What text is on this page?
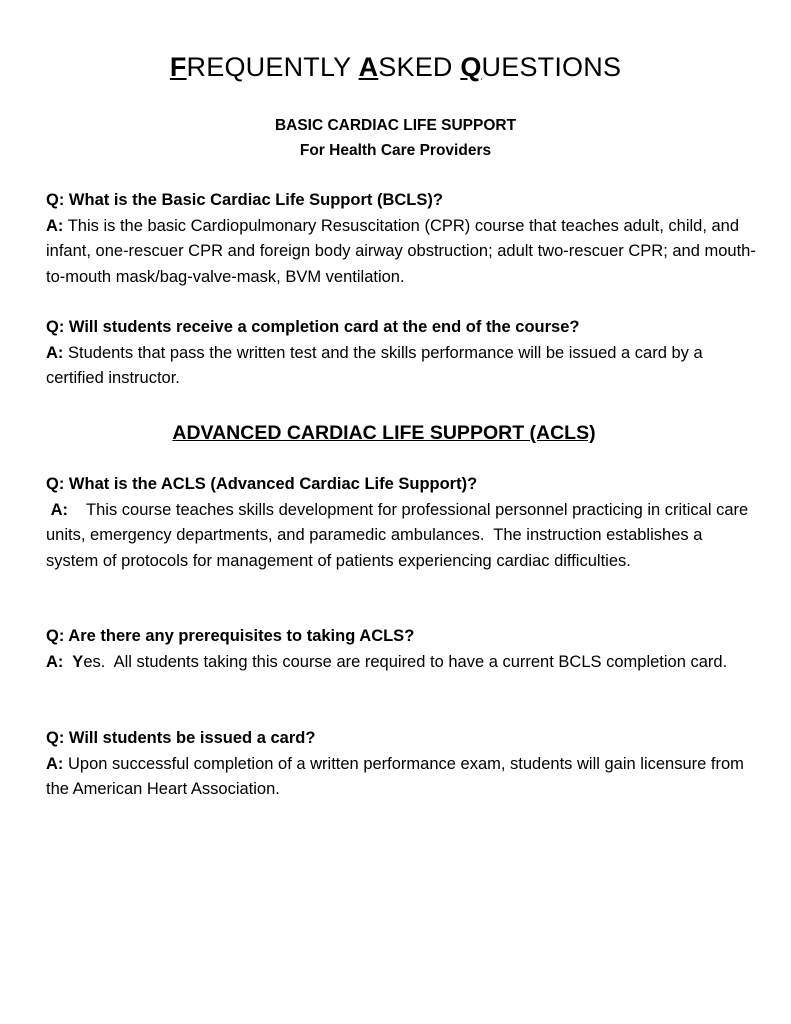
FREQUENTLY ASKED QUESTIONS
BASIC CARDIAC LIFE SUPPORT
For Health Care Providers
Q: What is the Basic Cardiac Life Support (BCLS)?
A: This is the basic Cardiopulmonary Resuscitation (CPR) course that teaches adult, child, and infant, one-rescuer CPR and foreign body airway obstruction; adult two-rescuer CPR; and mouth-to-mouth mask/bag-valve-mask, BVM ventilation.
Q: Will students receive a completion card at the end of the course?
A: Students that pass the written test and the skills performance will be issued a card by a certified instructor.
ADVANCED CARDIAC LIFE SUPPORT (ACLS)
Q: What is the ACLS (Advanced Cardiac Life Support)?
A:    This course teaches skills development for professional personnel practicing in critical care units, emergency departments, and paramedic ambulances.  The instruction establishes a system of protocols for management of patients experiencing cardiac difficulties.
Q: Are there any prerequisites to taking ACLS?
A:  Yes.  All students taking this course are required to have a current BCLS completion card.
Q: Will students be issued a card?
A: Upon successful completion of a written performance exam, students will gain licensure from the American Heart Association.
